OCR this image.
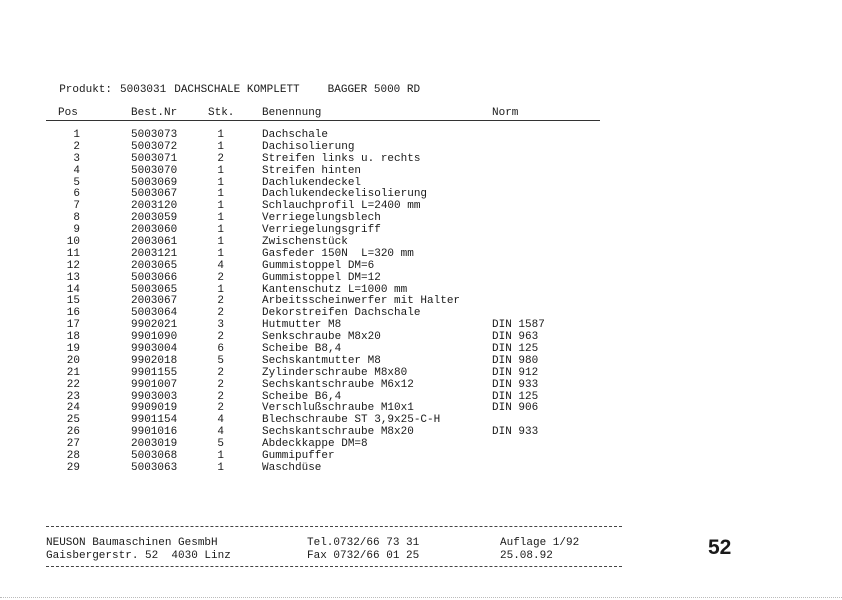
Produkt: 5003031 DACHSCHALE KOMPLETT	BAGGER 5000 RD

Pos	Best.Nr	Stk.	Benennung	Norm
1	5003073	1	Dachschale
2	5003072	1	Dachisolierung
3	5003071	2	Streifen links u. rechts
4	5003070	1	Streifen hinten
5	5003069	1	Dachlukendeckel
6	5003067	1	Dachlukendeckelisolierung
7	2003120	1	Schlauchprofil L=2400 mm
8	2003059	1	Verriegelungsblech
9	2003060	1	Verriegelungsgriff
10	2003061	1	Zwischenstück
11	2003121	1	Gasfeder 150N  L=320 mm
12	2003065	4	Gummistoppel DM=6
13	5003066	2	Gummistoppel DM=12
14	5003065	1	Kantenschutz L=1000 mm
15	2003067	2	Arbeitsscheinwerfer mit Halter
16	5003064	2	Dekorstreifen Dachschale
17	9902021	3	Hutmutter M8	DIN 1587
18	9901090	2	Senkschraube M8x20	DIN 963
19	9903004	6	Scheibe B8,4	DIN 125
20	9902018	5	Sechskantmutter M8	DIN 980
21	9901155	2	Zylinderschraube M8x80	DIN 912
22	9901007	2	Sechskantschraube M6x12	DIN 933
23	9903003	2	Scheibe B6,4	DIN 125
24	9909019	2	Verschlußschraube M10x1	DIN 906
25	9901154	4	Blechschraube ST 3,9x25-C-H
26	9901016	4	Sechskantschraube M8x20	DIN 933
27	2003019	5	Abdeckkappe DM=8
28	5003068	1	Gummipuffer
29	5003063	1	Waschdüse
NEUSON Baumaschinen GesmbH
Gaisbergerstr. 52  4030 Linz
Tel.0732/66 73 31
Fax 0732/66 01 25
Auflage 1/92
25.08.92	52
